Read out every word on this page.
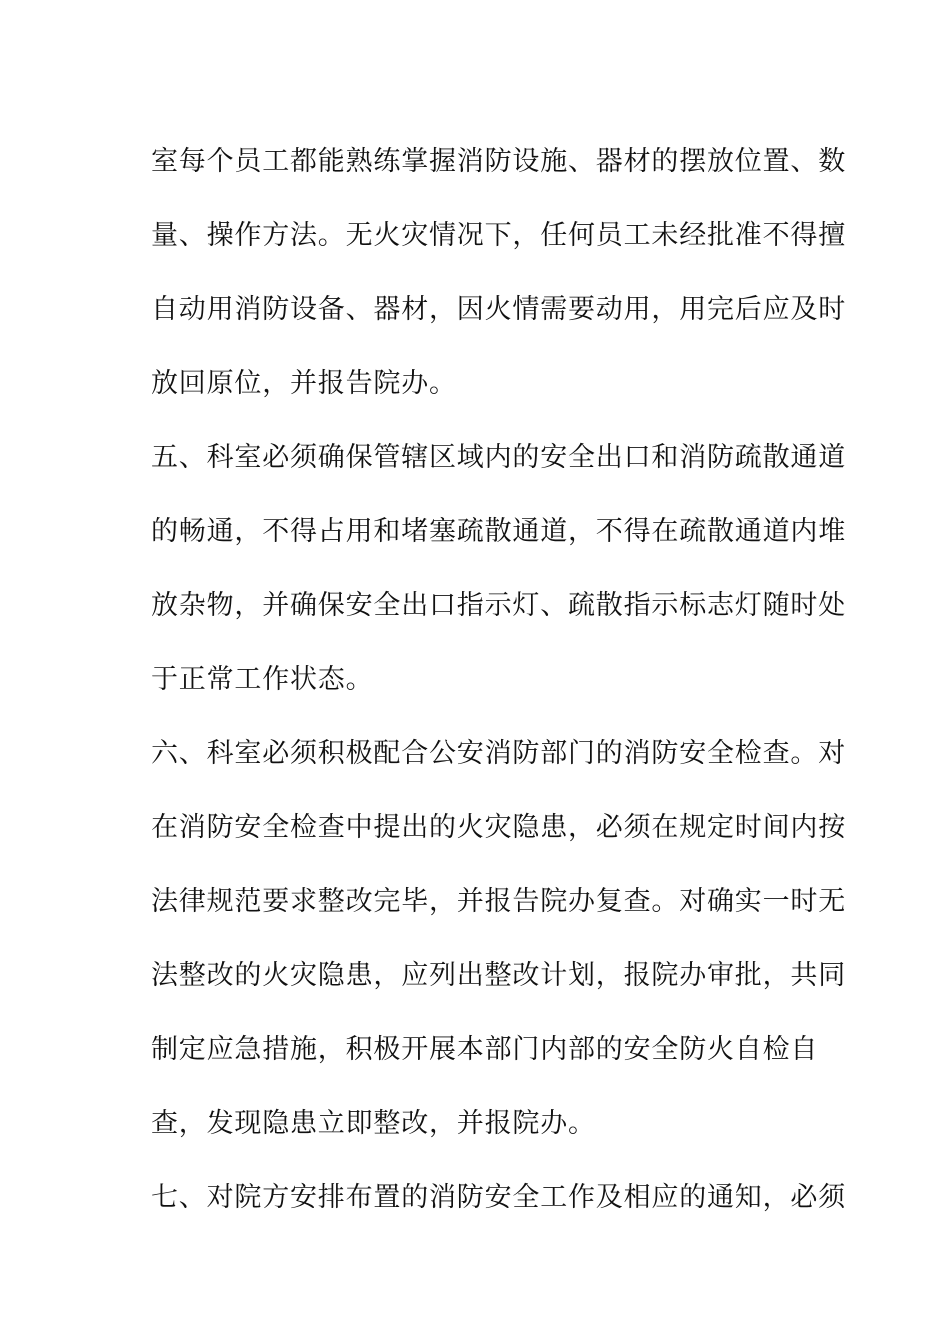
室每个员工都能熟练掌握消防设施、器材的摆放位置、数
量、操作方法。无火灾情况下，任何员工未经批准不得擅
自动用消防设备、器材，因火情需要动用，用完后应及时
放回原位，并报告院办。
五、科室必须确保管辖区域内的安全出口和消防疏散通道
的畅通，不得占用和堵塞疏散通道，不得在疏散通道内堆
放杂物，并确保安全出口指示灯、疏散指示标志灯随时处
于正常工作状态。
六、科室必须积极配合公安消防部门的消防安全检查。对
在消防安全检查中提出的火灾隐患，必须在规定时间内按
法律规范要求整改完毕，并报告院办复查。对确实一时无
法整改的火灾隐患，应列出整改计划，报院办审批，共同
制定应急措施，积极开展本部门内部的安全防火自检自
查，发现隐患立即整改，并报院办。
七、对院方安排布置的消防安全工作及相应的通知，必须
